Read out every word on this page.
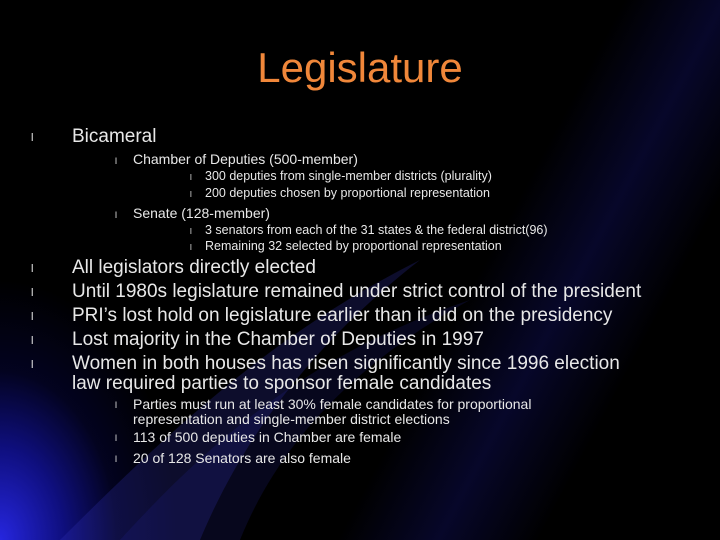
Legislature
l Bicameral
l Chamber of Deputies (500-member)
l 300 deputies from single-member districts (plurality)
l 200 deputies chosen by proportional representation
l Senate (128-member)
l 3 senators from each of the 31 states & the federal district(96)
l Remaining 32 selected by proportional representation
l All legislators directly elected
l Until 1980s legislature remained under strict control of the president
l PRI’s lost hold on legislature earlier than it did on the presidency
l Lost majority in the Chamber of Deputies in 1997
l Women in both houses has risen significantly since 1996 election
law required parties to sponsor female candidates
l Parties must run at least 30% female candidates for proportional
representation and single-member district elections
l 113 of 500 deputies in Chamber are female
l 20 of 128 Senators are also female
